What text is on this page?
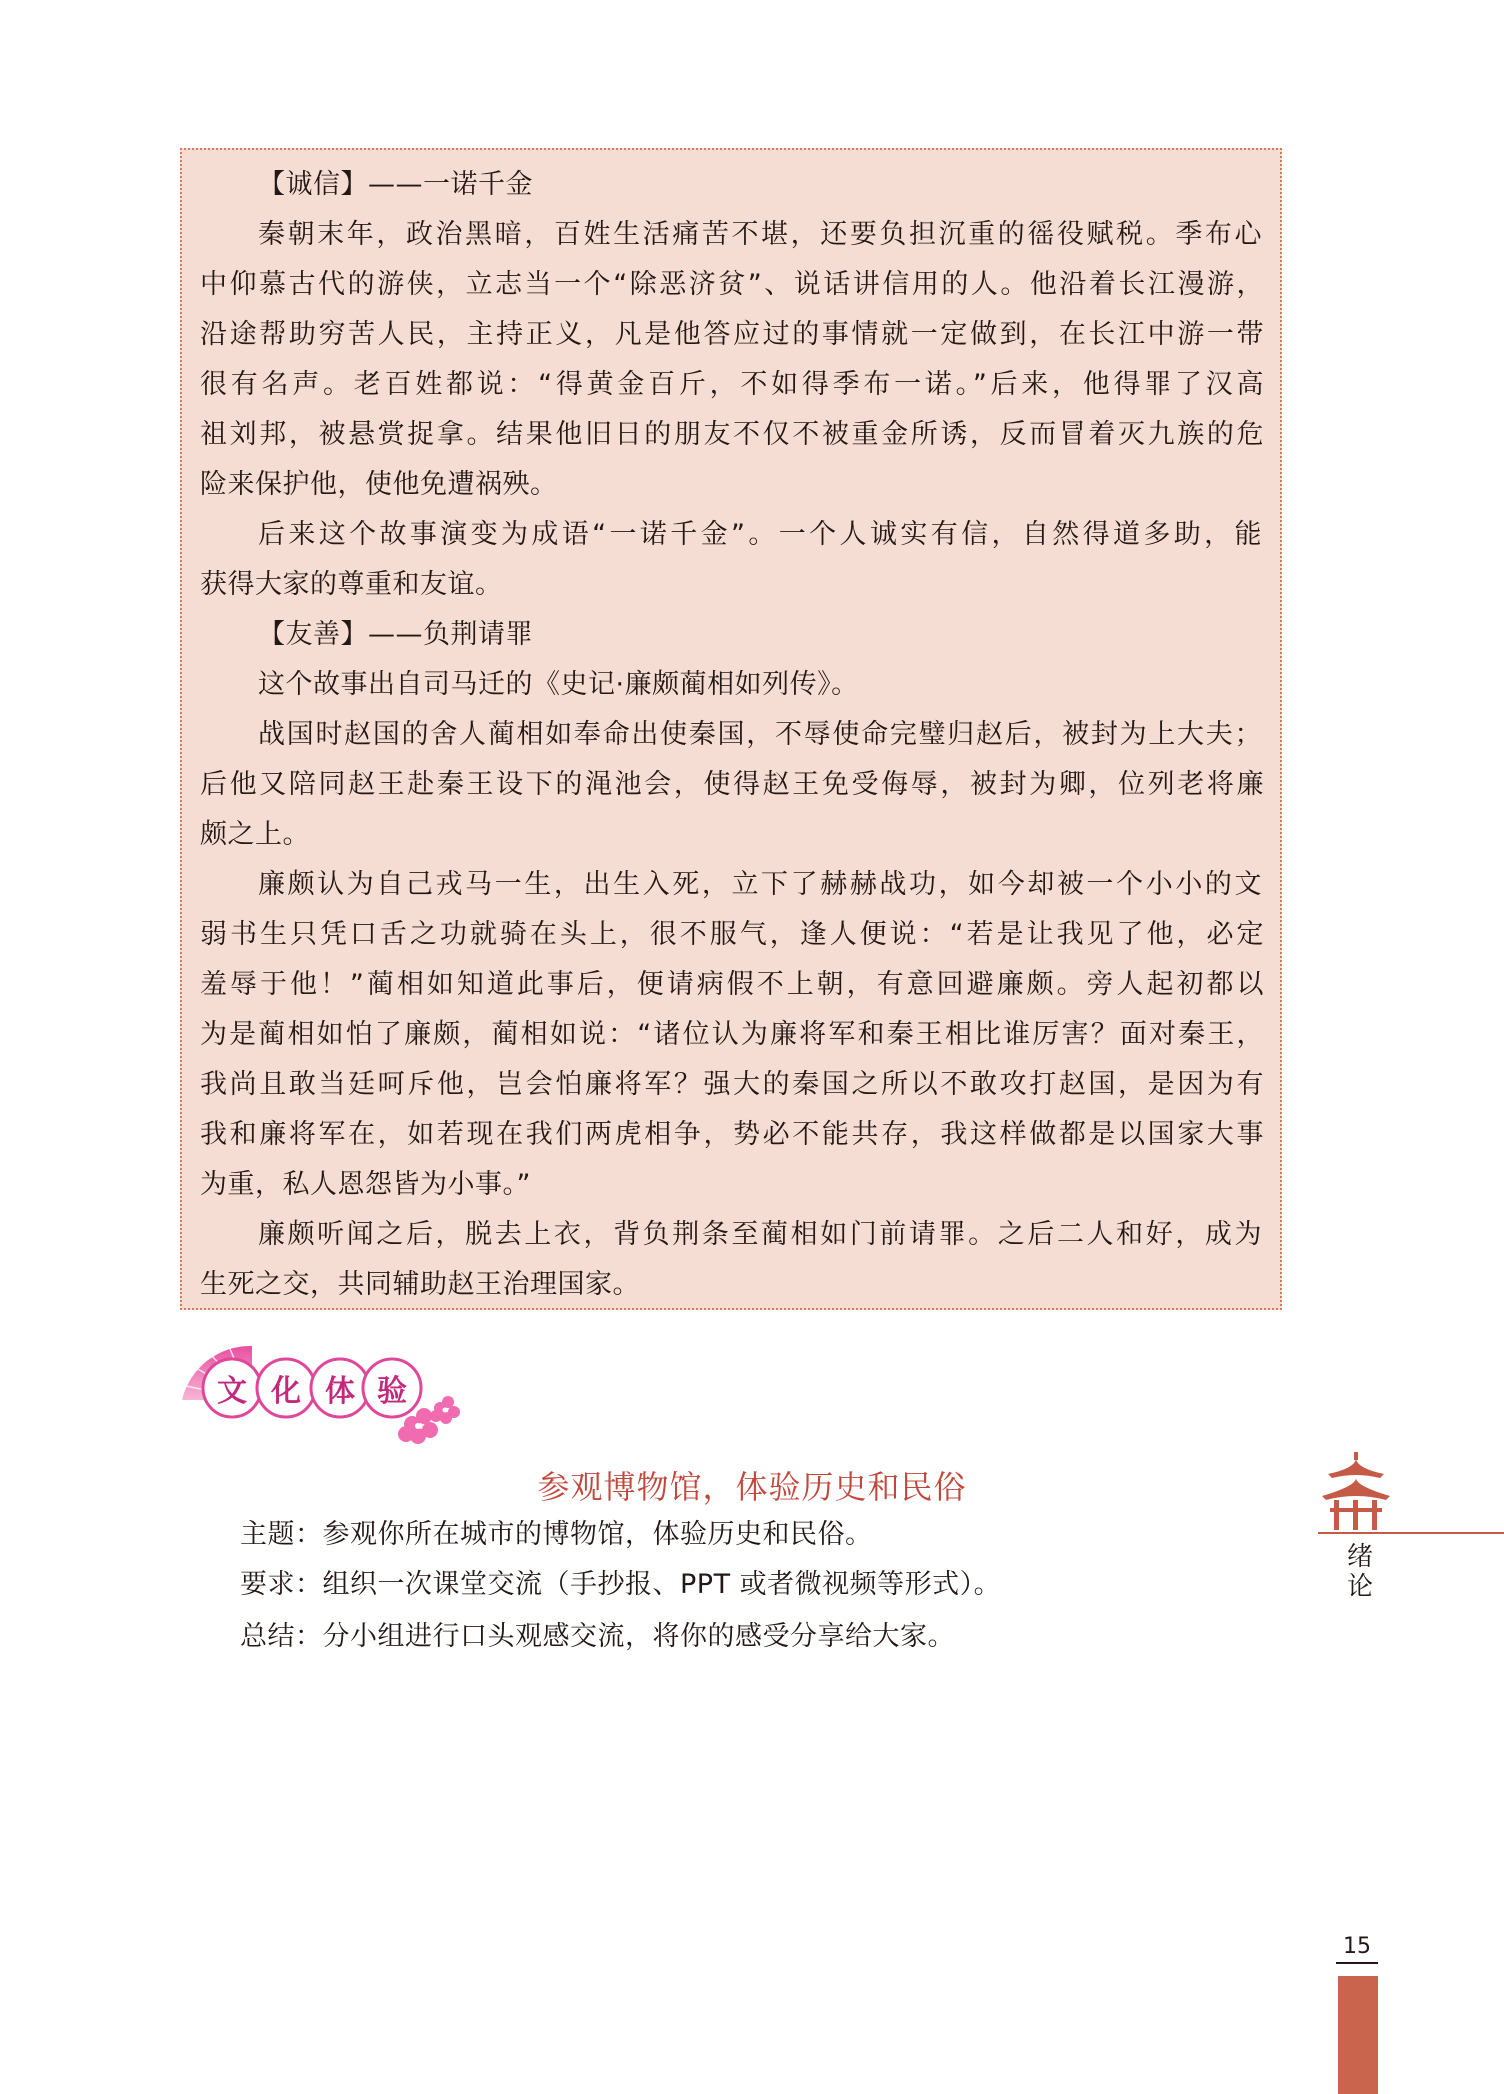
【诚信】——一诺千金

秦朝末年，政治黑暗，百姓生活痛苦不堪，还要负担沉重的徭役赋税。季布心

中仰慕古代的游侠，立志当一个“除恶济贫”、说话讲信用的人。他沿着长江漫游，

沿途帮助穷苦人民，主持正义，凡是他答应过的事情就一定做到，在长江中游一带

很有名声。老百姓都说：“得黄金百斤，不如得季布一诺。”后来，他得罪了汉高

祖刘邦，被悬赏捉拿。结果他旧日的朋友不仅不被重金所诱，反而冒着灭九族的危

险来保护他，使他免遭祸殃。

后来这个故事演变为成语“一诺千金”。一个人诚实有信，自然得道多助，能

获得大家的尊重和友谊。

【友善】——负荆请罪

这个故事出自司马迁的《史记·廉颇蔺相如列传》。

战国时赵国的舍人蔺相如奉命出使秦国，不辱使命完璧归赵后，被封为上大夫；

后他又陪同赵王赴秦王设下的渑池会，使得赵王免受侮辱，被封为卿，位列老将廉

颇之上。

廉颇认为自己戎马一生，出生入死，立下了赫赫战功，如今却被一个小小的文

弱书生只凭口舌之功就骑在头上，很不服气，逢人便说：“若是让我见了他，必定

羞辱于他！”蔺相如知道此事后，便请病假不上朝，有意回避廉颇。旁人起初都以

为是蔺相如怕了廉颇，蔺相如说：“诸位认为廉将军和秦王相比谁厉害？面对秦王，

我尚且敢当廷呵斥他，岂会怕廉将军？强大的秦国之所以不敢攻打赵国，是因为有

我和廉将军在，如若现在我们两虎相争，势必不能共存，我这样做都是以国家大事

为重，私人恩怨皆为小事。”

廉颇听闻之后，脱去上衣，背负荆条至蔺相如门前请罪。之后二人和好，成为

生死之交，共同辅助赵王治理国家。

文 化 体 验
参观博物馆，体验历史和民俗
主题：参观你所在城市的博物馆，体验历史和民俗。
要求：组织一次课堂交流（手抄报、PPT 或者微视频等形式）。
总结：分小组进行口头观感交流，将你的感受分享给大家。
绪
论
15
